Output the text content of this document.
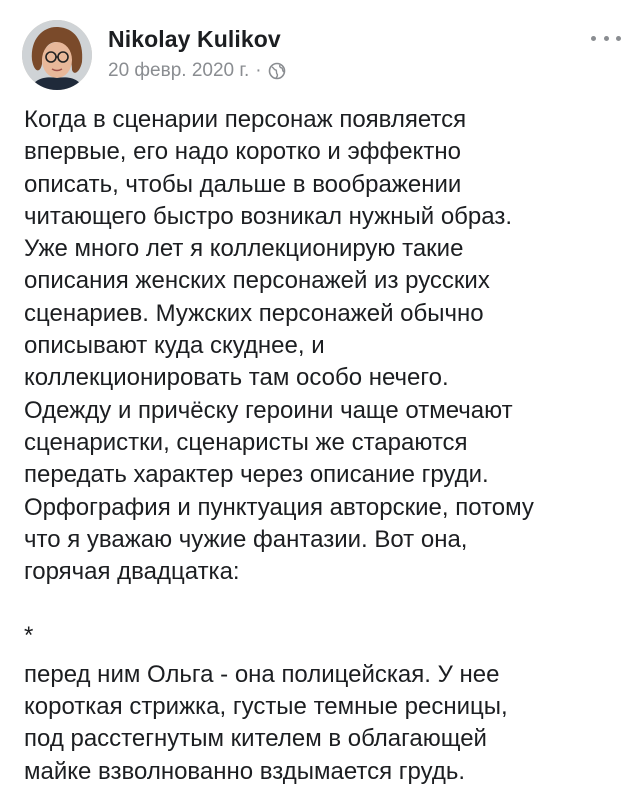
Nikolay Kulikov
20 февр. 2020 г. ·

Когда в сценарии персонаж появляется
впервые, его надо коротко и эффектно
описать, чтобы дальше в воображении
читающего быстро возникал нужный образ.
Уже много лет я коллекционирую такие
описания женских персонажей из русских
сценариев. Мужских персонажей обычно
описывают куда скуднее, и
коллекционировать там особо нечего.
Одежду и причёску героини чаще отмечают
сценаристки, сценаристы же стараются
передать характер через описание груди.
Орфография и пунктуация авторские, потому
что я уважаю чужие фантазии. Вот она,
горячая двадцатка:

*

перед ним Ольга - она полицейская. У нее
короткая стрижка, густые темные ресницы,
под расстегнутым кителем в облагающей
майке взволнованно вздымается грудь.
